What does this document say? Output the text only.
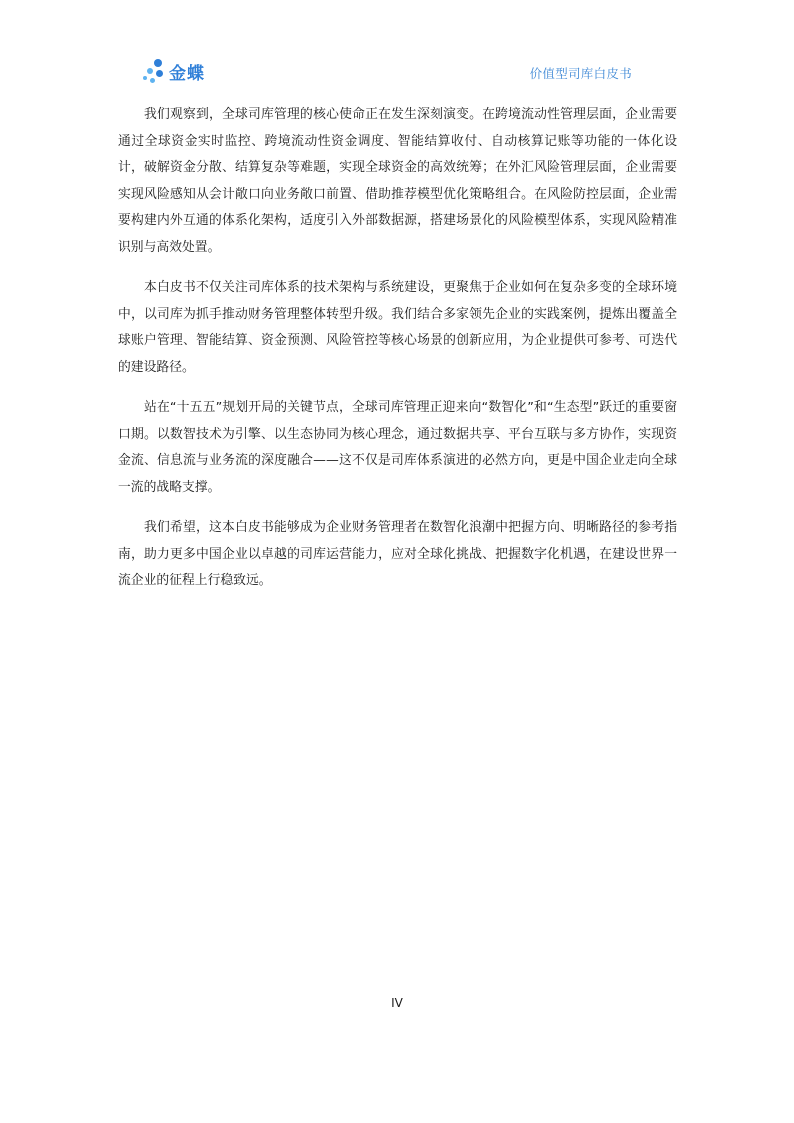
金蝶	价值型司库白皮书

我们观察到，全球司库管理的核心使命正在发生深刻演变。在跨境流动性管理层面，企业需要通过全球资金实时监控、跨境流动性资金调度、智能结算收付、自动核算记账等功能的一体化设计，破解资金分散、结算复杂等难题，实现全球资金的高效统筹；在外汇风险管理层面，企业需要实现风险感知从会计敞口向业务敞口前置、借助推荐模型优化策略组合。在风险防控层面，企业需要构建内外互通的体系化架构，适度引入外部数据源，搭建场景化的风险模型体系，实现风险精准识别与高效处置。

本白皮书不仅关注司库体系的技术架构与系统建设，更聚焦于企业如何在复杂多变的全球环境中，以司库为抓手推动财务管理整体转型升级。我们结合多家领先企业的实践案例，提炼出覆盖全球账户管理、智能结算、资金预测、风险管控等核心场景的创新应用，为企业提供可参考、可迭代的建设路径。

站在“十五五”规划开局的关键节点，全球司库管理正迎来向“数智化”和“生态型”跃迁的重要窗口期。以数智技术为引擎、以生态协同为核心理念，通过数据共享、平台互联与多方协作，实现资金流、信息流与业务流的深度融合——这不仅是司库体系演进的必然方向，更是中国企业走向全球一流的战略支撑。

我们希望，这本白皮书能够成为企业财务管理者在数智化浪潮中把握方向、明晰路径的参考指南，助力更多中国企业以卓越的司库运营能力，应对全球化挑战、把握数字化机遇，在建设世界一流企业的征程上行稳致远。

IV
